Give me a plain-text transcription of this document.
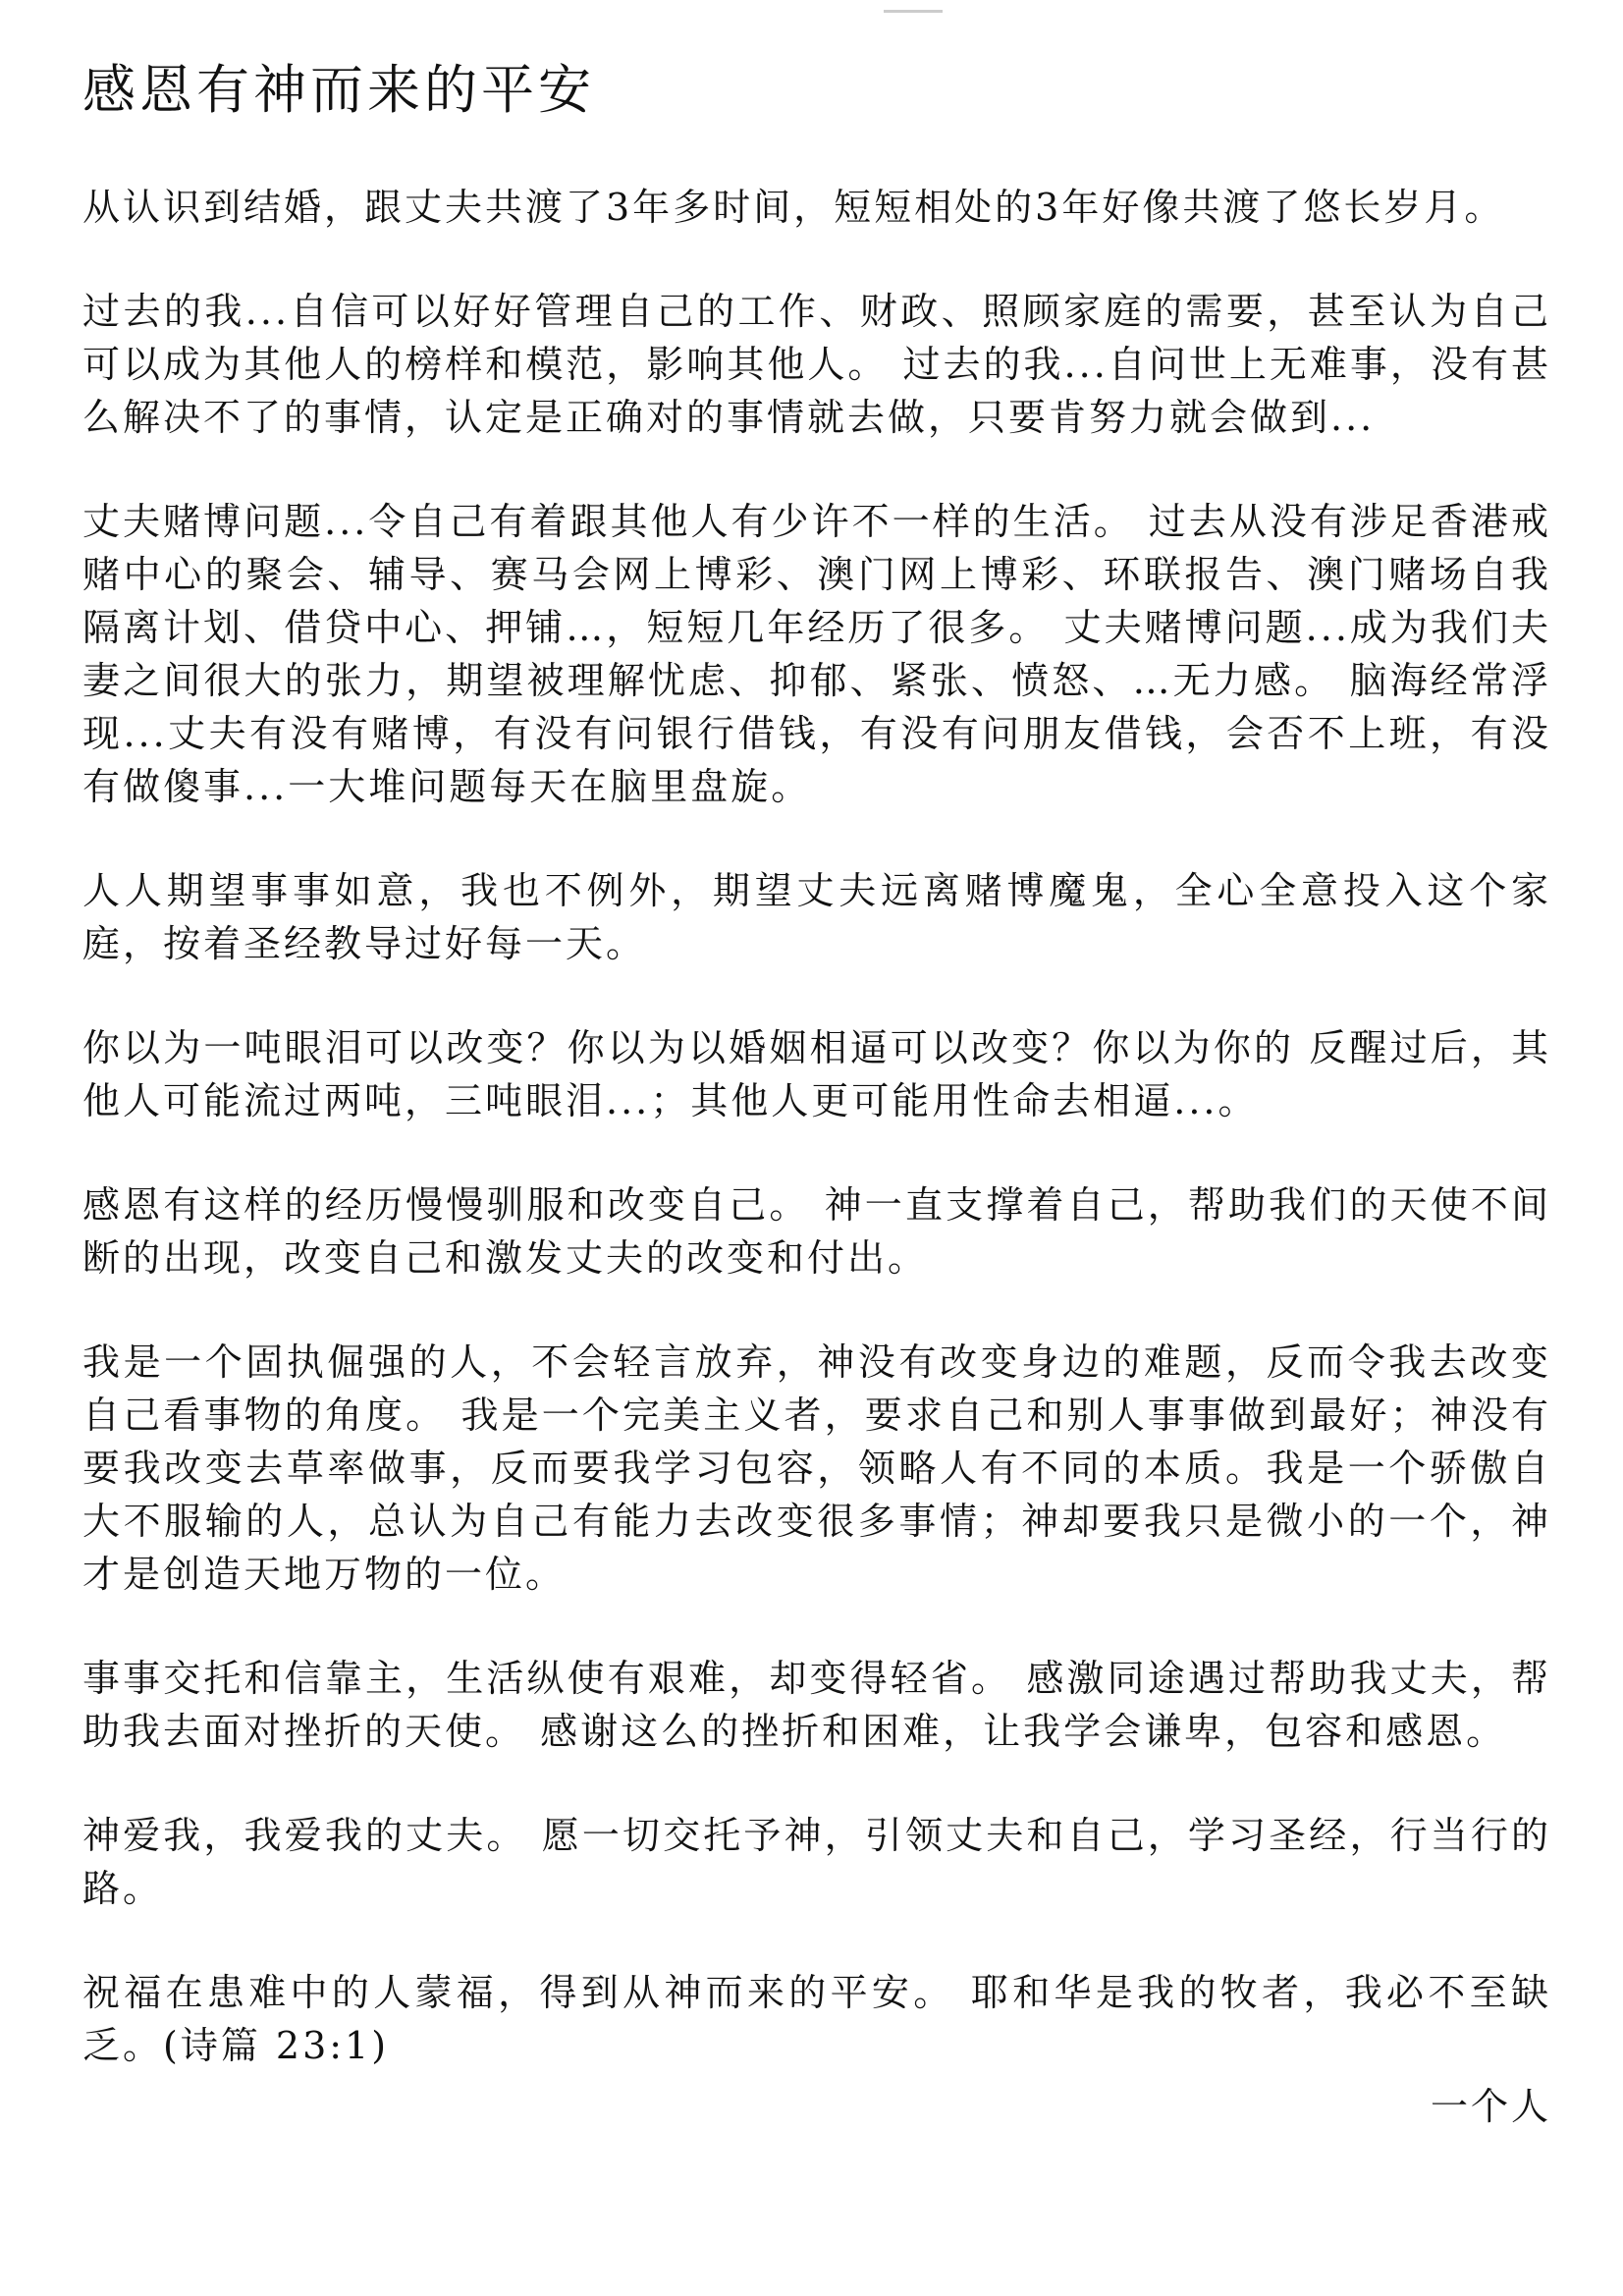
感恩有神而来的平安

从认识到结婚，跟丈夫共渡了3年多时间，短短相处的3年好像共渡了悠长岁月。

过去的我...自信可以好好管理自己的工作、财政、照顾家庭的需要，甚至认为自己可以成为其他人的榜样和模范，影响其他人。 过去的我...自问世上无难事，没有甚么解决不了的事情，认定是正确对的事情就去做，只要肯努力就会做到...

丈夫赌博问题...令自己有着跟其他人有少许不一样的生活。 过去从没有涉足香港戒赌中心的聚会、辅导、赛马会网上博彩、澳门网上博彩、环联报告、澳门赌场自我隔离计划、借贷中心、押铺…，短短几年经历了很多。 丈夫赌博问题...成为我们夫妻之间很大的张力，期望被理解忧虑、抑郁、紧张、愤怒、…无力感。 脑海经常浮现...丈夫有没有赌博，有没有问银行借钱，有没有问朋友借钱，会否不上班，有没有做傻事...一大堆问题每天在脑里盘旋。

人人期望事事如意，我也不例外，期望丈夫远离赌博魔鬼，全心全意投入这个家庭，按着圣经教导过好每一天。

你以为一吨眼泪可以改变？你以为以婚姻相逼可以改变？你以为你的 反醒过后，其他人可能流过两吨，三吨眼泪...；其他人更可能用性命去相逼...。

感恩有这样的经历慢慢驯服和改变自己。 神一直支撑着自己，帮助我们的天使不间断的出现，改变自己和激发丈夫的改变和付出。

我是一个固执倔强的人，不会轻言放弃，神没有改变身边的难题，反而令我去改变自己看事物的角度。 我是一个完美主义者，要求自己和别人事事做到最好；神没有要我改变去草率做事，反而要我学习包容，领略人有不同的本质。我是一个骄傲自大不服输的人，总认为自己有能力去改变很多事情；神却要我只是微小的一个，神才是创造天地万物的一位。

事事交托和信靠主，生活纵使有艰难，却变得轻省。 感激同途遇过帮助我丈夫，帮助我去面对挫折的天使。 感谢这么的挫折和困难，让我学会谦卑，包容和感恩。

神爱我，我爱我的丈夫。 愿一切交托予神，引领丈夫和自己，学习圣经，行当行的路。

祝福在患难中的人蒙福，得到从神而来的平安。 耶和华是我的牧者，我必不至缺乏。(诗篇 23:1)

一个人
